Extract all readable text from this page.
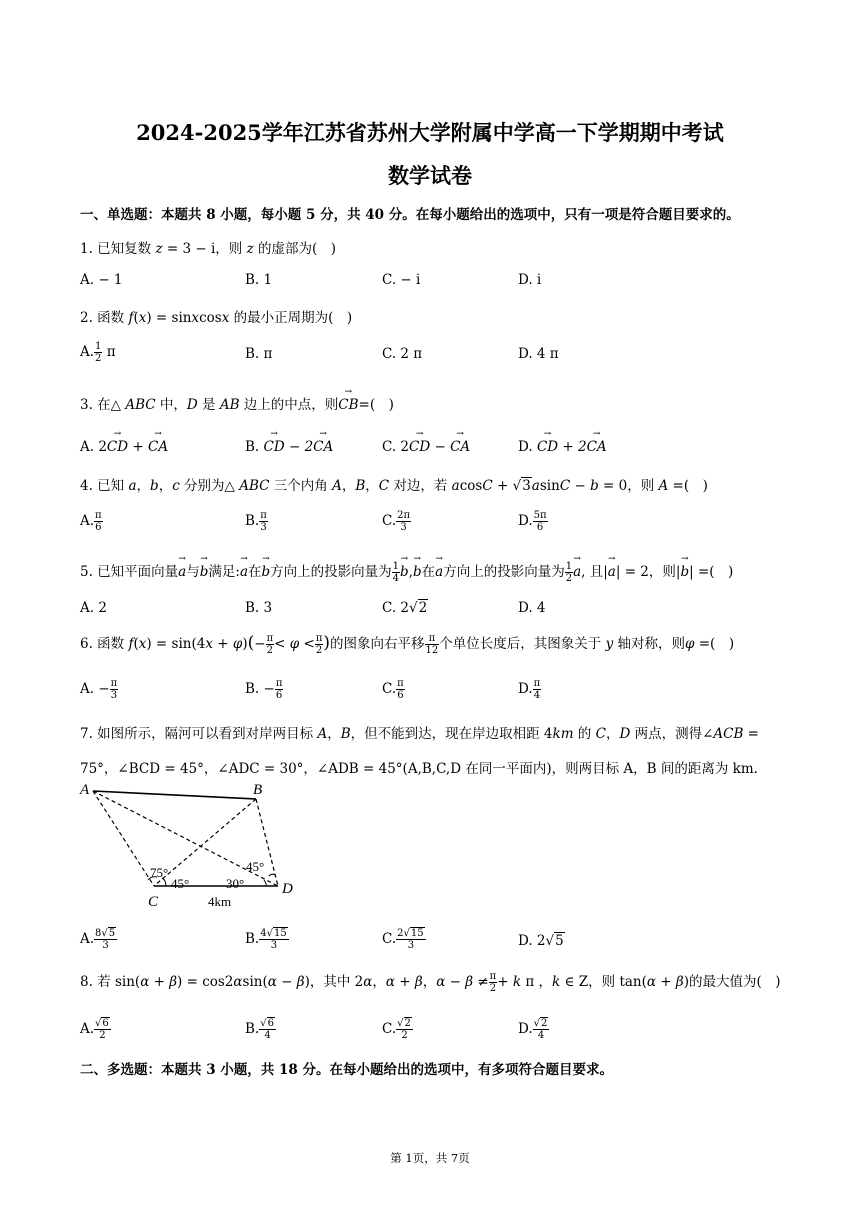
2024-2025学年江苏省苏州大学附属中学高一下学期期中考试
数学试卷
一、单选题：本题共 8 小题，每小题 5 分，共 40 分。在每小题给出的选项中，只有一项是符合题目要求的。
1. 已知复数 z = 3 − i，则 z 的虚部为(　)
A. − 1	B. 1	C. − i	D. i
2. 函数 f(x) = sinxcosx 的最小正周期为(　)
A. $\frac{1}{2}$ π	B. π	C. 2 π	D. 4 π
3. 在△ ABC 中，D 是 AB 边上的中点，则→ CB=(　)
A. 2→ CD + → CA	B. → CD − 2→ CA	C. 2→ CD − → CA	D. → CD + 2→ CA
4. 已知 a，b，c 分别为△ ABC 三个内角 A，B，C 对边，若 acosC + √3asinC − b = 0，则 A =(　)
A. $\frac{\pi}{6}$	B. $\frac{\pi}{3}$	C. $\frac{2\pi}{3}$	D. $\frac{5\pi}{6}$
5. 已知平面向量→ a与→ b满足:→ a在→ b方向上的投影向量为 $\frac{1}{4}$
→ b,→ b在→ a方向上的投影向量为 $\frac{1}{2}$
→ a, 且|→ a| = 2，则|→ b| =(　)
A. 2	B. 3	C. 2√2	D. 4
6. 函数 $f(x) = \sin(4x + \varphi)(- \frac{\pi}{2} < \varphi < \frac{\pi}{2}$ )的图象向右平移 $\frac{\pi}{12}$ 个单位长度后，其图象关于 y 轴对称，则φ =(　)
A. − $\frac{\pi}{3}$	B. − $\frac{\pi}{6}$	C. $\frac{\pi}{6}$	D. $\frac{\pi}{4}$
7. 如图所示，隔河可以看到对岸两目标 A，B，但不能到达，现在岸边取相距 4km 的 C，D 两点，测得∠ACB =
75°，∠BCD = 45°，∠ADC = 30°，∠ADB = 45°(A,B,C,D 在同一平面内)，则两目标 A，B 间的距离为 km.
A	B
C
D
75°
45°	30°
45°
4km
A. $\frac{8√5}{3}$	B. $\frac{4√15}{3}$	C. $\frac{2√15}{3}$	D. 2√5
8. 若 sin(α + β) = cos2αsin(α − β)，其中 2α，α + β，$\alpha - \beta \ne \frac{\pi}{2} + k$ π ，k ∈ Z，则 tan(α + β)的最大值为(　)
A. $\frac{√6}{2}$	B. $\frac{√6}{4}$	C. $\frac{√2}{2}$	D. $\frac{√2}{4}$
二、多选题：本题共 3 小题，共 18 分。在每小题给出的选项中，有多项符合题目要求。
第 1页，共 7页
